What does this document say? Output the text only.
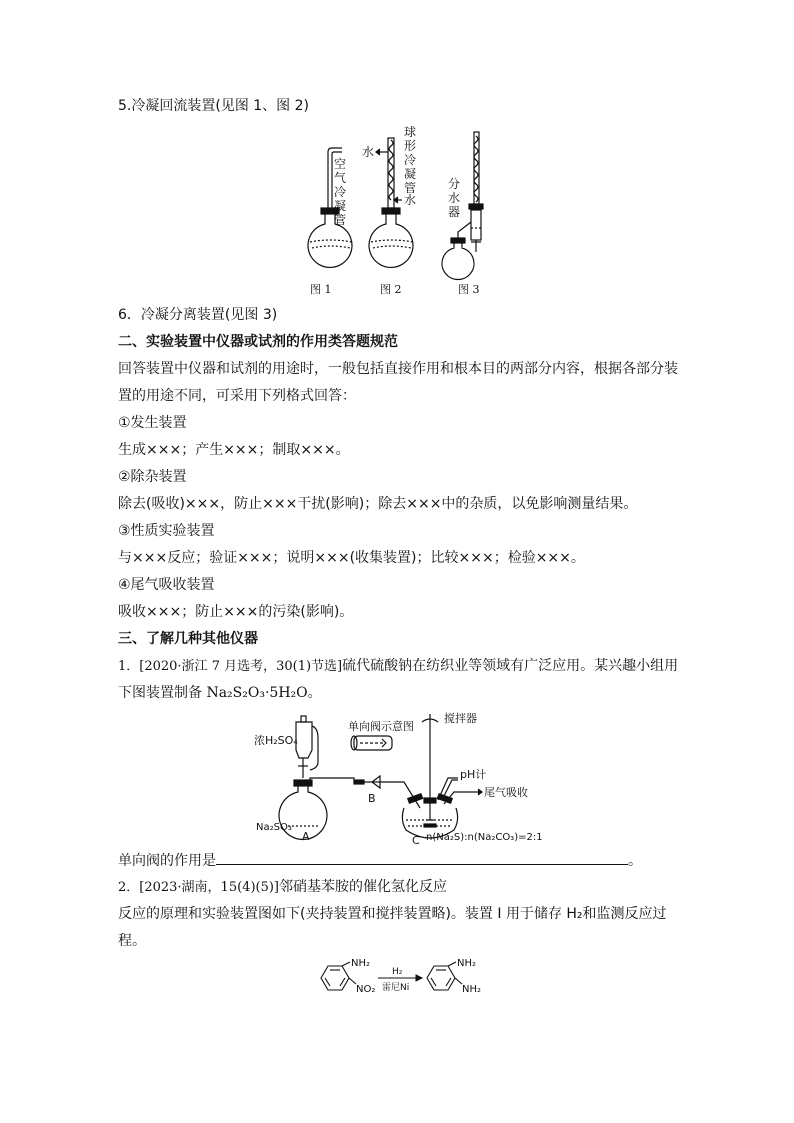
5.冷凝回流装置(见图 1、图 2)
空
气
冷
凝
管
图 1
球
形
冷
凝
管
水
水
图 2
分
水
器
图 3
6．冷凝分离装置(见图 3)
二、实验装置中仪器或试剂的作用类答题规范
回答装置中仪器和试剂的用途时，一般包括直接作用和根本目的两部分内容，根据各部分装
置的用途不同，可采用下列格式回答：
①发生装置
生成×××；产生×××；制取×××。
②除杂装置
除去(吸收)×××，防止×××干扰(影响)；除去×××中的杂质，以免影响测量结果。
③性质实验装置
与×××反应；验证×××；说明×××(收集装置)；比较×××；检验×××。
④尾气吸收装置
吸收×××；防止×××的污染(影响)。
三、了解几种其他仪器
1．[2020·浙江 7 月选考，30(1)节选]硫代硫酸钠在纺织业等领域有广泛应用。某兴趣小组用
下图装置制备 Na₂S₂O₃·5H₂O。
浓H₂SO₄
单向阀示意图
搅拌器
pH计
尾气吸收
A
B
C
Na₂SO₃
n(Na₂S):n(Na₂CO₃)=2:1
单向阀的作用是	。
2．[2023·湖南，15(4)(5)]邻硝基苯胺的催化氢化反应
反应的原理和实验装置图如下(夹持装置和搅拌装置略)。装置 Ⅰ 用于储存 H₂和监测反应过
程。
NH₂
NO₂
H₂
雷尼Ni
NH₂
NH₂
